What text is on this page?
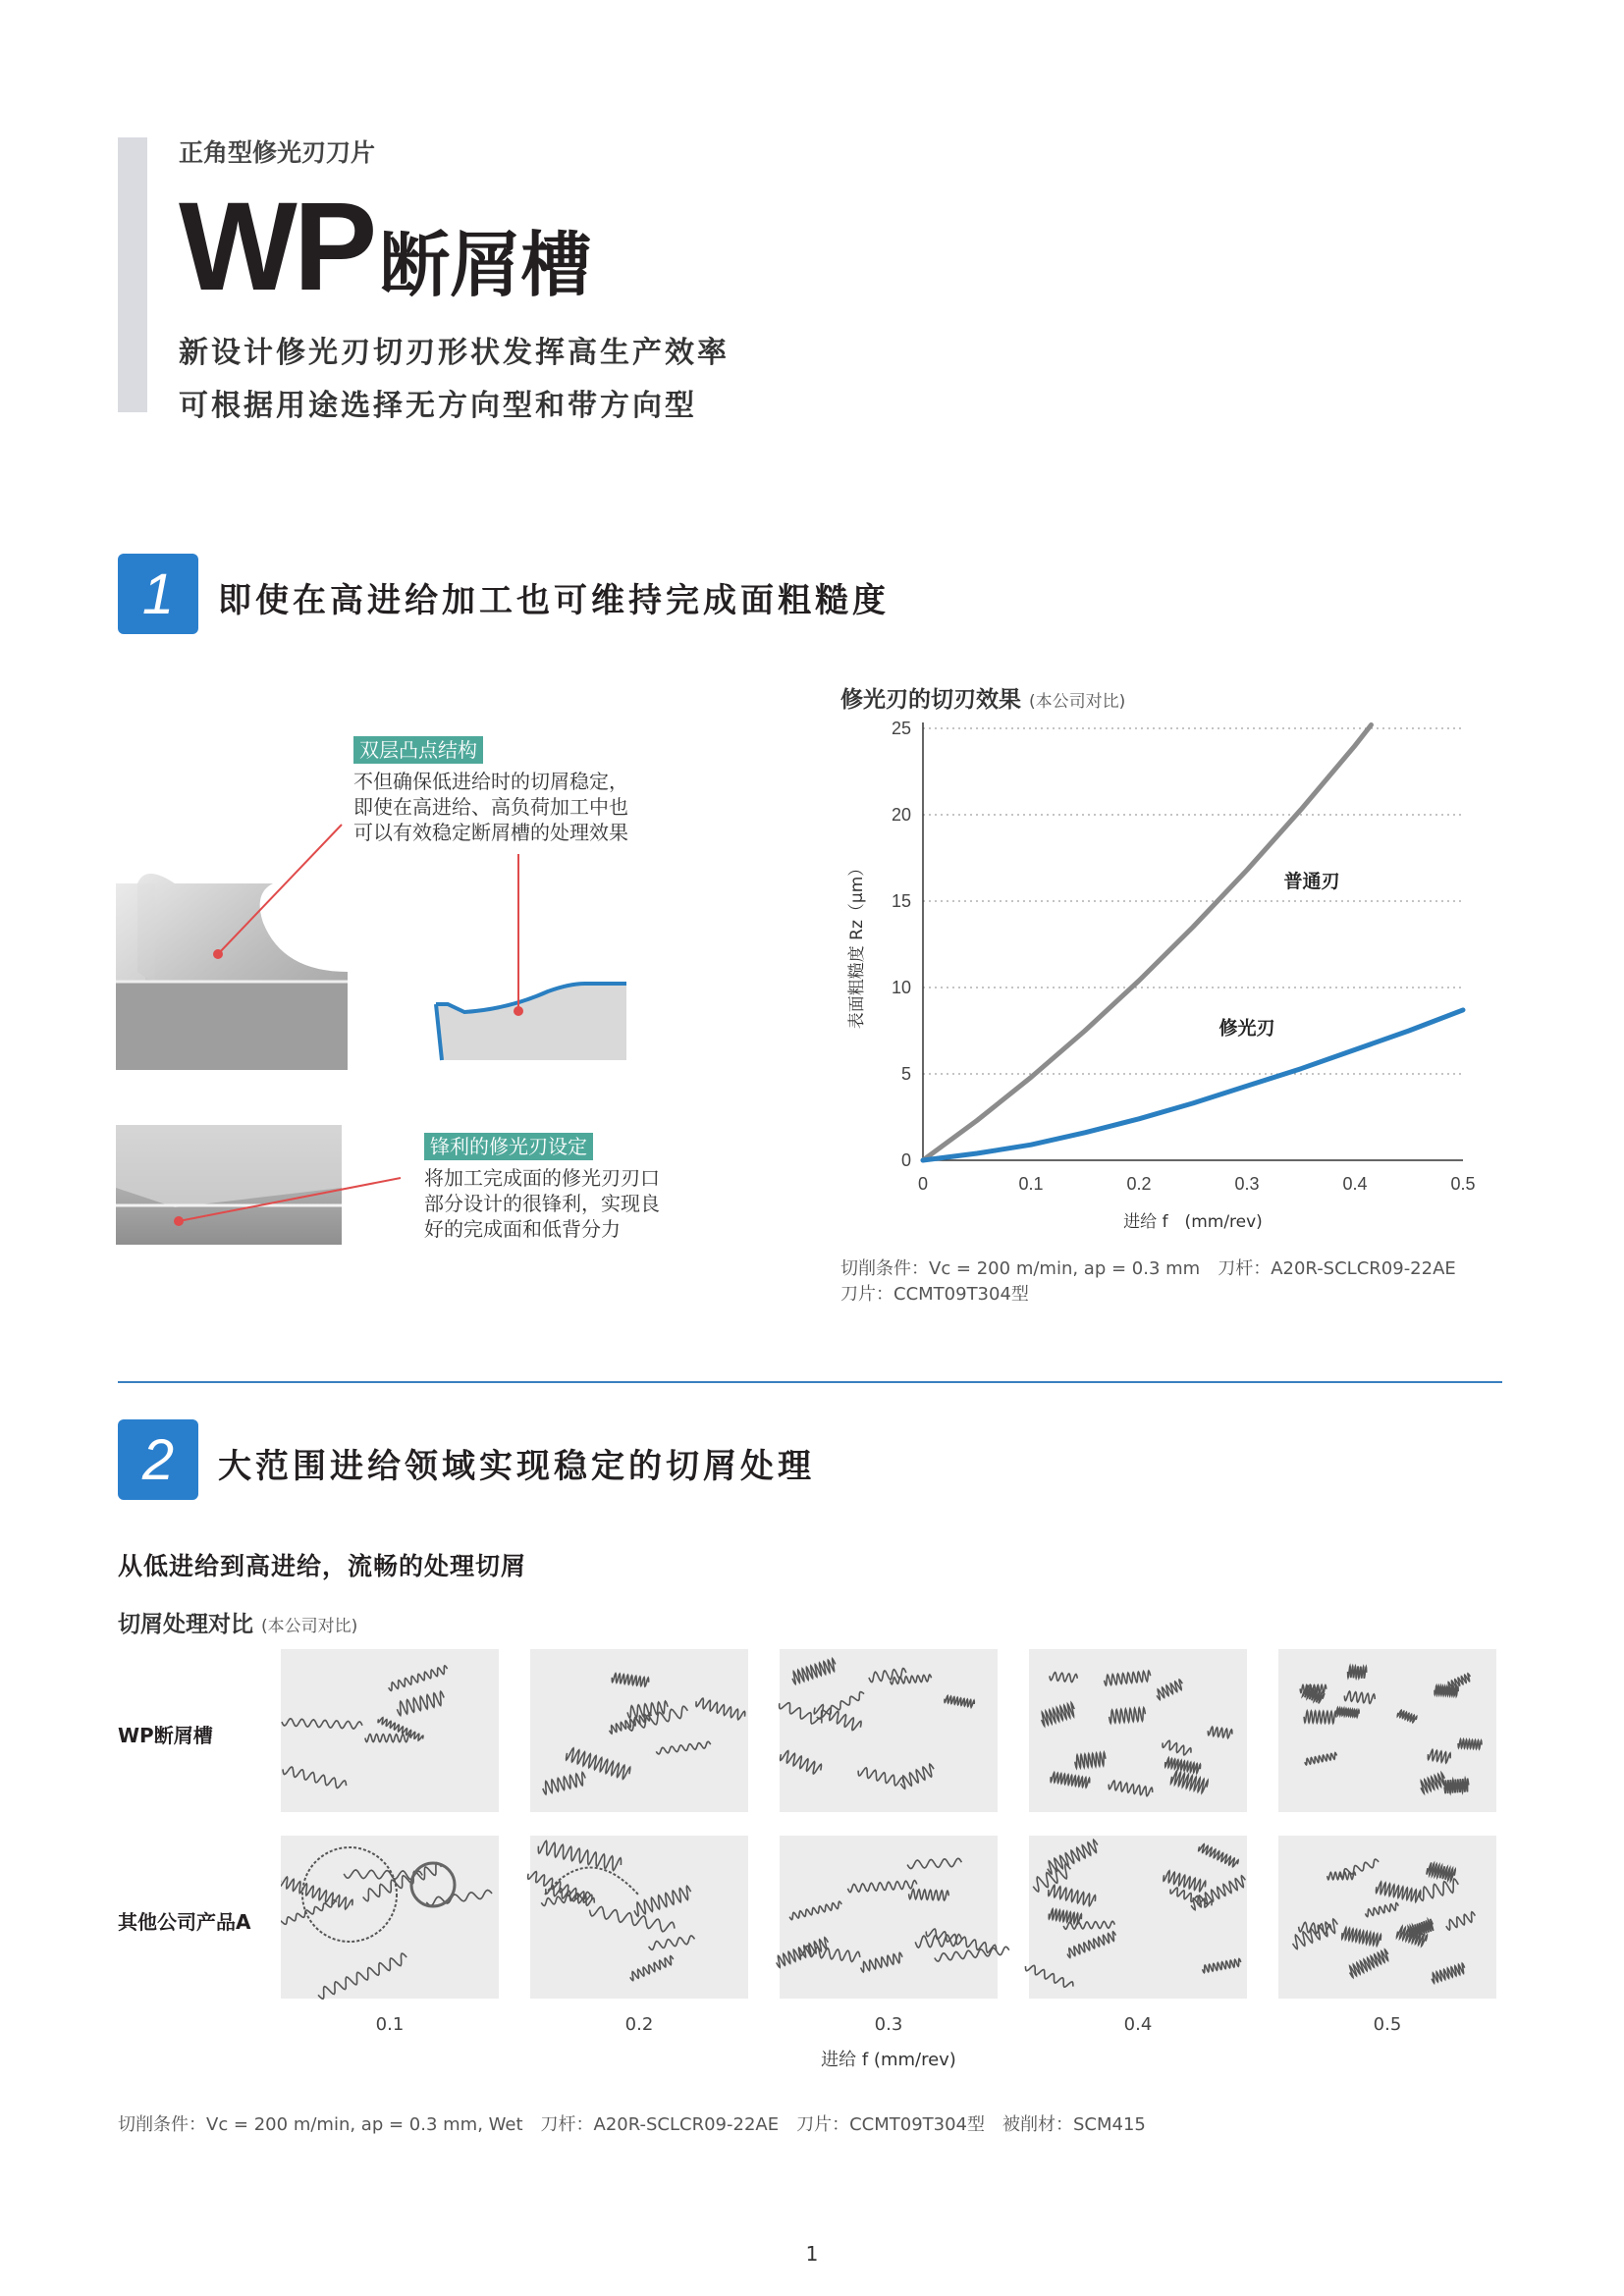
正角型修光刃刀片
WP断屑槽
新设计修光刃切刃形状发挥高生产效率
可根据用途选择无方向型和带方向型
1	即使在高进给加工也可维持完成面粗糙度
双层凸点结构
不但确保低进给时的切屑稳定，
即使在高进给、高负荷加工中也
可以有效稳定断屑槽的处理效果
锋利的修光刃设定
将加工完成面的修光刃刃口
部分设计的很锋利，实现良
好的完成面和低背分力
修光刃的切刃效果 (本公司对比)
0
5
10
15
20
25
0	0.1	0.2	0.3	0.4	0.5
进给 f　(mm/rev)
表面粗糙度 Rz（μm）	普通刃
修光刃
切削条件：Vc = 200 m/min, ap = 0.3 mm　刀杆：A20R-SCLCR09-22AE
刀片：CCMT09T304型
2	大范围进给领域实现稳定的切屑处理
从低进给到高进给，流畅的处理切屑
切屑处理对比 (本公司对比)
WP断屑槽
其他公司产品A
0.1	0.2	0.3	0.4	0.5
进给 f (mm/rev)
切削条件：Vc = 200 m/min, ap = 0.3 mm, Wet　刀杆：A20R-SCLCR09-22AE　刀片：CCMT09T304型　被削材：SCM415
1
